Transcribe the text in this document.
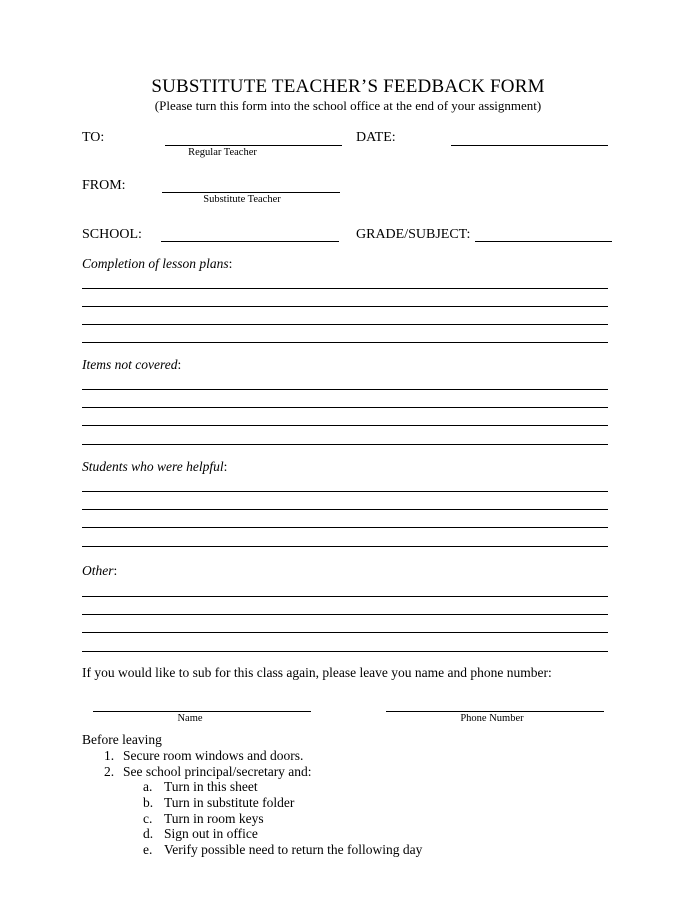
SUBSTITUTE TEACHER’S FEEDBACK FORM
(Please turn this form into the school office at the end of your assignment)
TO:
Regular Teacher
DATE:
FROM:
Substitute Teacher
SCHOOL:	GRADE/SUBJECT:
Completion of lesson plans:
Items not covered:
Students who were helpful:
Other:
If you would like to sub for this class again, please leave you name and phone number:
Name	Phone Number
Before leaving
1. Secure room windows and doors.
2. See school principal/secretary and:
a. Turn in this sheet
b. Turn in substitute folder
c. Turn in room keys
d. Sign out in office
e. Verify possible need to return the following day
